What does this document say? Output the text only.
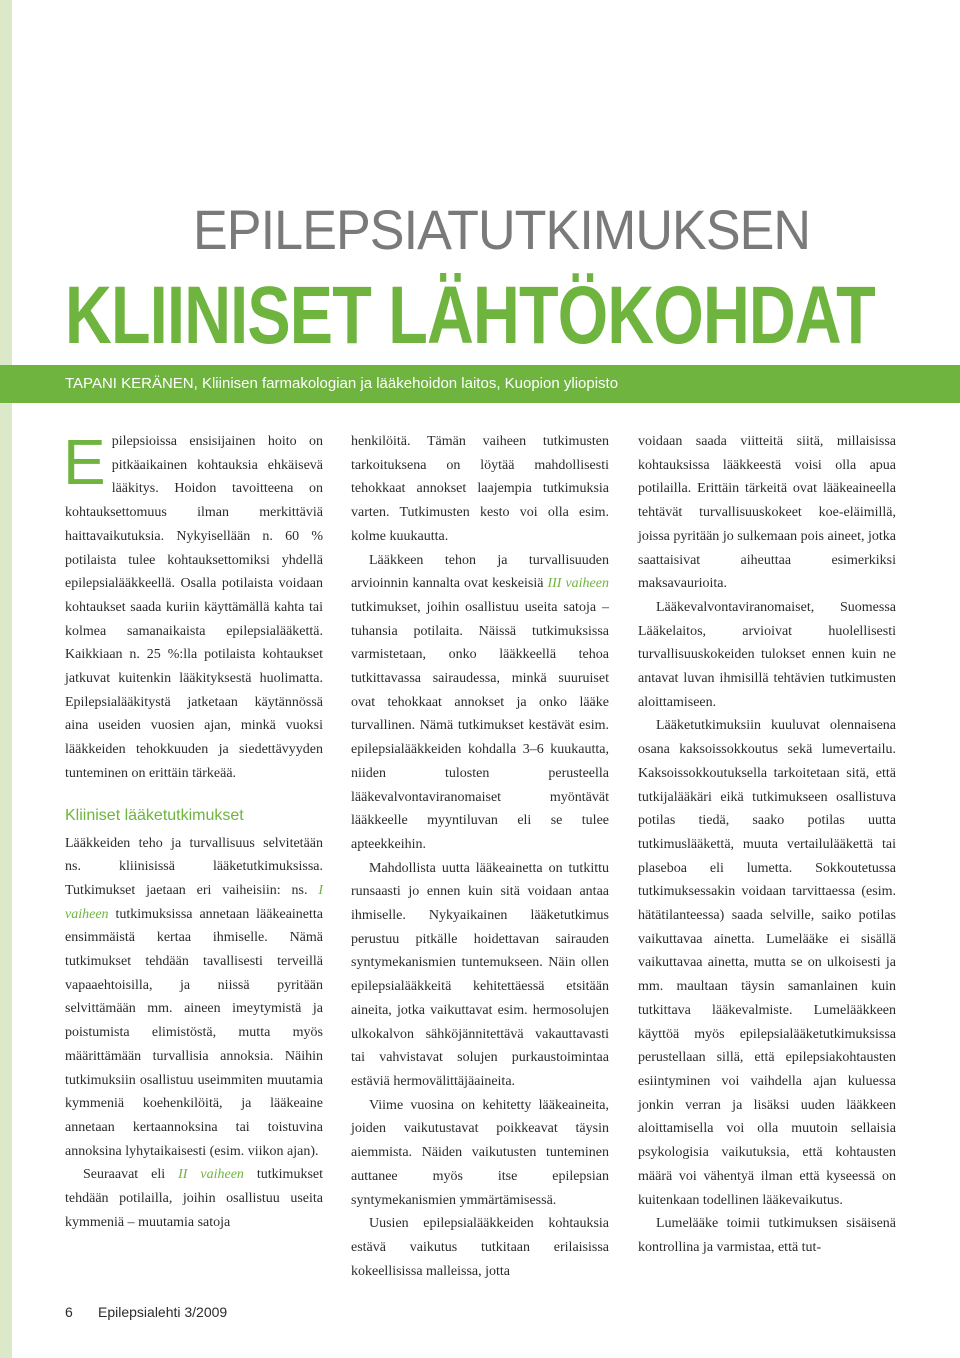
EPILEPSIATUTKIMUKSEN
KLIINISET LÄHTÖKOHDAT
TAPANI KERÄNEN, Kliinisen farmakologian ja lääkehoidon laitos, Kuopion yliopisto

Epilepsioissa ensisijainen hoito on pitkäaikainen kohtauksia ehkäisevä lääkitys. Hoidon tavoitteena on kohtauksettomuus ilman merkittäviä haittavaikutuksia. Nykyisellään n. 60 % potilaista tulee kohtauksettomiksi yhdellä epilepsialääkkeellä. Osalla potilaista voidaan kohtaukset saada kuriin käyttämällä kahta tai kolmea samanaikaista epilepsialääkettä. Kaikkiaan n. 25 %:lla potilaista kohtaukset jatkuvat kuitenkin lääkityksestä huolimatta. Epilepsialääkitystä jatketaan käytännössä aina useiden vuosien ajan, minkä vuoksi lääkkeiden tehokkuuden ja siedettävyyden tunteminen on erittäin tärkeää.

Kliiniset lääketutkimukset

Lääkkeiden teho ja turvallisuus selvitetään ns. kliinisissä lääketutkimuksissa. Tutkimukset jaetaan eri vaiheisiin: ns. I vaiheen tutkimuksissa annetaan lääkeainetta ensimmäistä kertaa ihmiselle. Nämä tutkimukset tehdään tavallisesti terveillä vapaaehtoisilla, ja niissä pyritään selvittämään mm. aineen imeytymistä ja poistumista elimistöstä, mutta myös määrittämään turvallisia annoksia. Näihin tutkimuksiin osallistuu useimmiten muutamia kymmeniä koehenkilöitä, ja lääkeaine annetaan kertaannoksina tai toistuvina annoksina lyhytaikaisesti (esim. viikon ajan).

Seuraavat eli II vaiheen tutkimukset tehdään potilailla, joihin osallistuu useita kymmeniä – muutamia satoja

henkilöitä. Tämän vaiheen tutkimusten tarkoituksena on löytää mahdollisesti tehokkaat annokset laajempia tutkimuksia varten. Tutkimusten kesto voi olla esim. kolme kuukautta.

Lääkkeen tehon ja turvallisuuden arvioinnin kannalta ovat keskeisiä III vaiheen tutkimukset, joihin osallistuu useita satoja – tuhansia potilaita. Näissä tutkimuksissa varmistetaan, onko lääkkeellä tehoa tutkittavassa sairaudessa, minkä suuruiset ovat tehokkaat annokset ja onko lääke turvallinen. Nämä tutkimukset kestävät esim. epilepsialääkkeiden kohdalla 3–6 kuukautta, niiden tulosten perusteella lääkevalvontaviranomaiset myöntävät lääkkeelle myyntiluvan eli se tulee apteekkeihin.

Mahdollista uutta lääkeainetta on tutkittu runsaasti jo ennen kuin sitä voidaan antaa ihmiselle. Nykyaikainen lääketutkimus perustuu pitkälle hoidettavan sairauden syntymekanismien tuntemukseen. Näin ollen epilepsialääkkeitä kehitettäessä etsitään aineita, jotka vaikuttavat esim. hermosolujen ulkokalvon sähköjännitettävä vakauttavasti tai vahvistavat solujen purkaustoimintaa estäviä hermovälittäjäaineita.

Viime vuosina on kehitetty lääkeaineita, joiden vaikutustavat poikkeavat täysin aiemmista. Näiden vaikutusten tunteminen auttanee myös itse epilepsian syntymekanismien ymmärtämisessä.

Uusien epilepsialääkkeiden kohtauksia estävä vaikutus tutkitaan erilaisissa kokeellisissa malleissa, jotta

voidaan saada viitteitä siitä, millaisissa kohtauksissa lääkkeestä voisi olla apua potilailla. Erittäin tärkeitä ovat lääkeaineella tehtävät turvallisuuskokeet koe-eläimillä, joissa pyritään jo sulkemaan pois aineet, jotka saattaisivat aiheuttaa esimerkiksi maksavaurioita.

Lääkevalvontaviranomaiset, Suomessa Lääkelaitos, arvioivat huolellisesti turvallisuuskokeiden tulokset ennen kuin ne antavat luvan ihmisillä tehtävien tutkimusten aloittamiseen.

Lääketutkimuksiin kuuluvat olennaisena osana kaksoissokkoutus sekä lumevertailu. Kaksoissokkoutuksella tarkoitetaan sitä, että tutkijalääkäri eikä tutkimukseen osallistuva potilas tiedä, saako potilas uutta tutkimuslääkettä, muuta vertailulääkettä tai plaseboa eli lumetta. Sokkoutetussa tutkimuksessakin voidaan tarvittaessa (esim. hätätilanteessa) saada selville, saiko potilas vaikuttavaa ainetta. Lumelääke ei sisällä vaikuttavaa ainetta, mutta se on ulkoisesti ja mm. maultaan täysin samanlainen kuin tutkittava lääkevalmiste. Lumelääkkeen käyttöä myös epilepsialääketutkimuksissa perustellaan sillä, että epilepsiakohtausten esiintyminen voi vaihdella ajan kuluessa jonkin verran ja lisäksi uuden lääkkeen aloittamisella voi olla muutoin sellaisia psykologisia vaikutuksia, että kohtausten määrä voi vähentyä ilman että kyseessä on kuitenkaan todellinen lääkevaikutus.

Lumelääke toimii tutkimuksen sisäisenä kontrollina ja varmistaa, että tut-

6 Epilepsialehti 3/2009
